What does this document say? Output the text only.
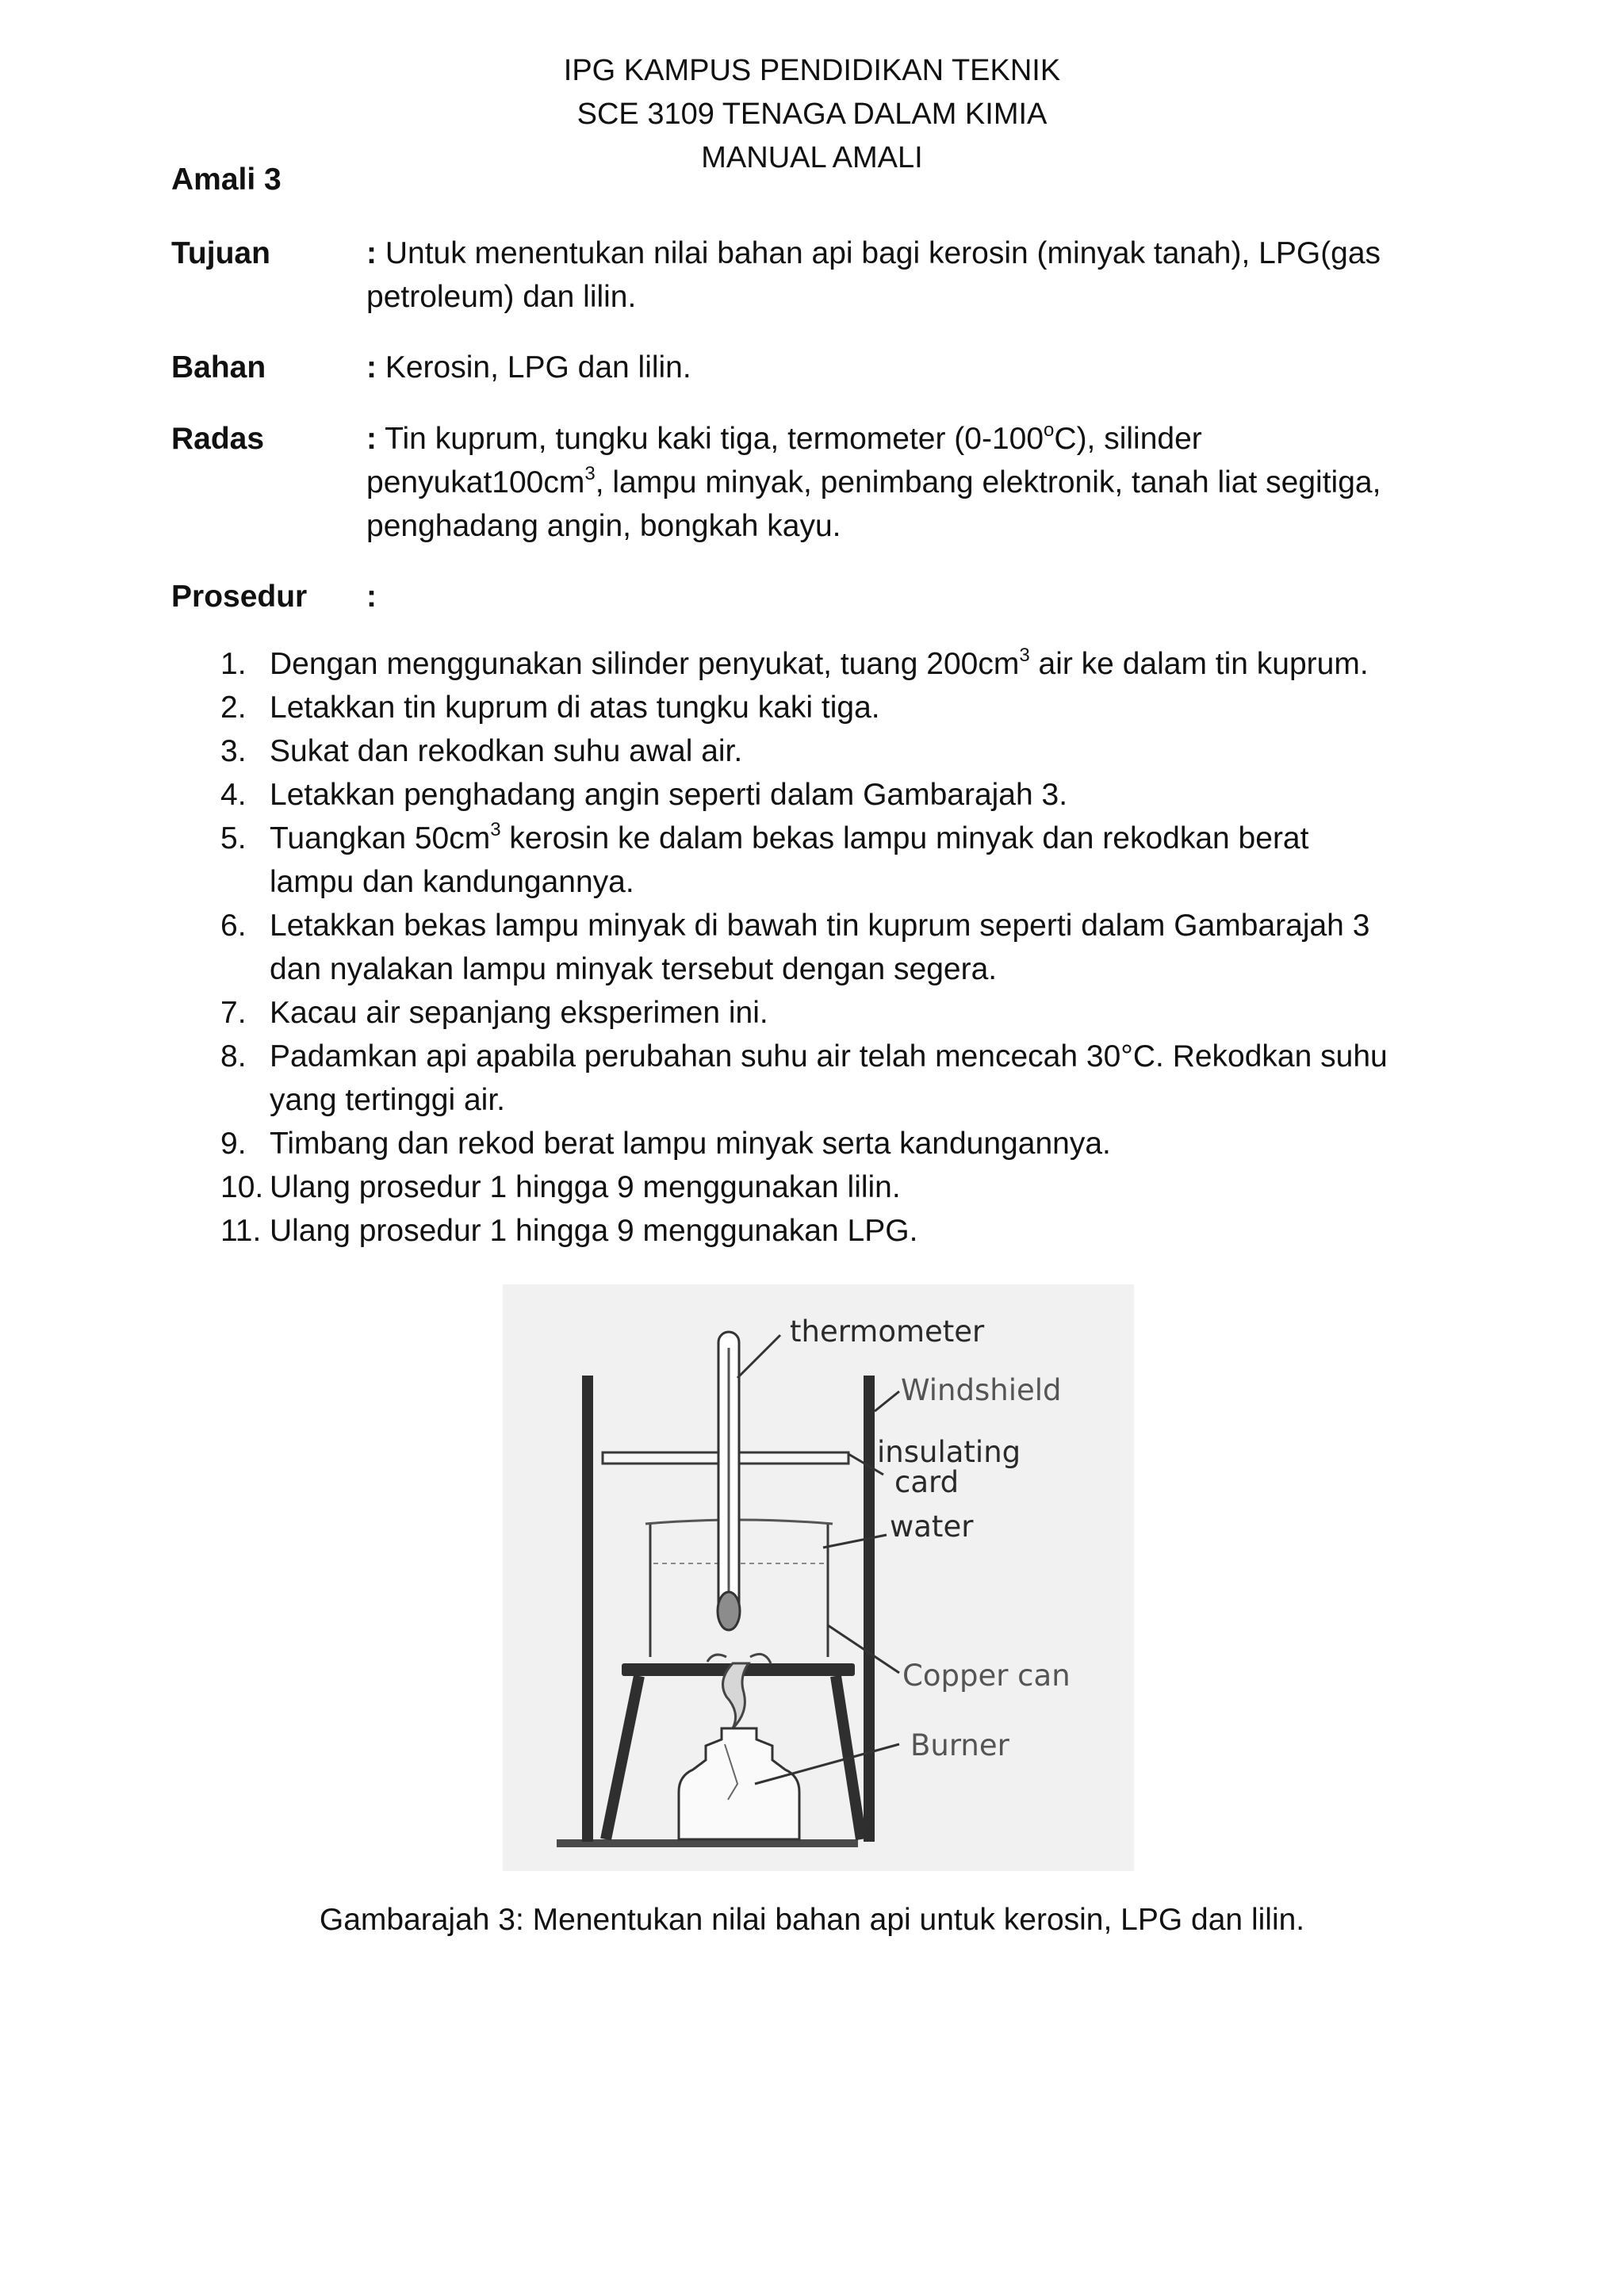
IPG KAMPUS PENDIDIKAN TEKNIK
SCE 3109 TENAGA DALAM KIMIA
MANUAL AMALI
Amali 3
Tujuan	: Untuk menentukan nilai bahan api bagi kerosin (minyak tanah), LPG(gas
petroleum) dan lilin.
Bahan	: Kerosin, LPG dan lilin.
Radas	: Tin kuprum, tungku kaki tiga, termometer (0-100$^o$C), silinder
$penyukat100cm^3$, lampu minyak, penimbang elektronik, tanah liat segitiga,
penghadang angin, bongkah kayu.
Prosedur :
1. Dengan menggunakan silinder penyukat, tuang $200cm^3$ air ke dalam tin kuprum.
2. Letakkan tin kuprum di atas tungku kaki tiga.
3. Sukat dan rekodkan suhu awal air.
4. Letakkan penghadang angin seperti dalam Gambarajah 3.
5. Tuangkan $50cm^3$ kerosin ke dalam bekas lampu minyak dan rekodkan berat
lampu dan kandungannya.
6. Letakkan bekas lampu minyak di bawah tin kuprum seperti dalam Gambarajah 3
dan nyalakan lampu minyak tersebut dengan segera.
7. Kacau air sepanjang eksperimen ini.
8. Padamkan api apabila perubahan suhu air telah mencecah 30°C. Rekodkan suhu
yang tertinggi air.
9. Timbang dan rekod berat lampu minyak serta kandungannya.
10. Ulang prosedur 1 hingga 9 menggunakan lilin.
11. Ulang prosedur 1 hingga 9 menggunakan LPG.
thermometer
Windshield
insulating
card
water
Copper can
Burner
Gambarajah 3: Menentukan nilai bahan api untuk kerosin, LPG dan lilin.
